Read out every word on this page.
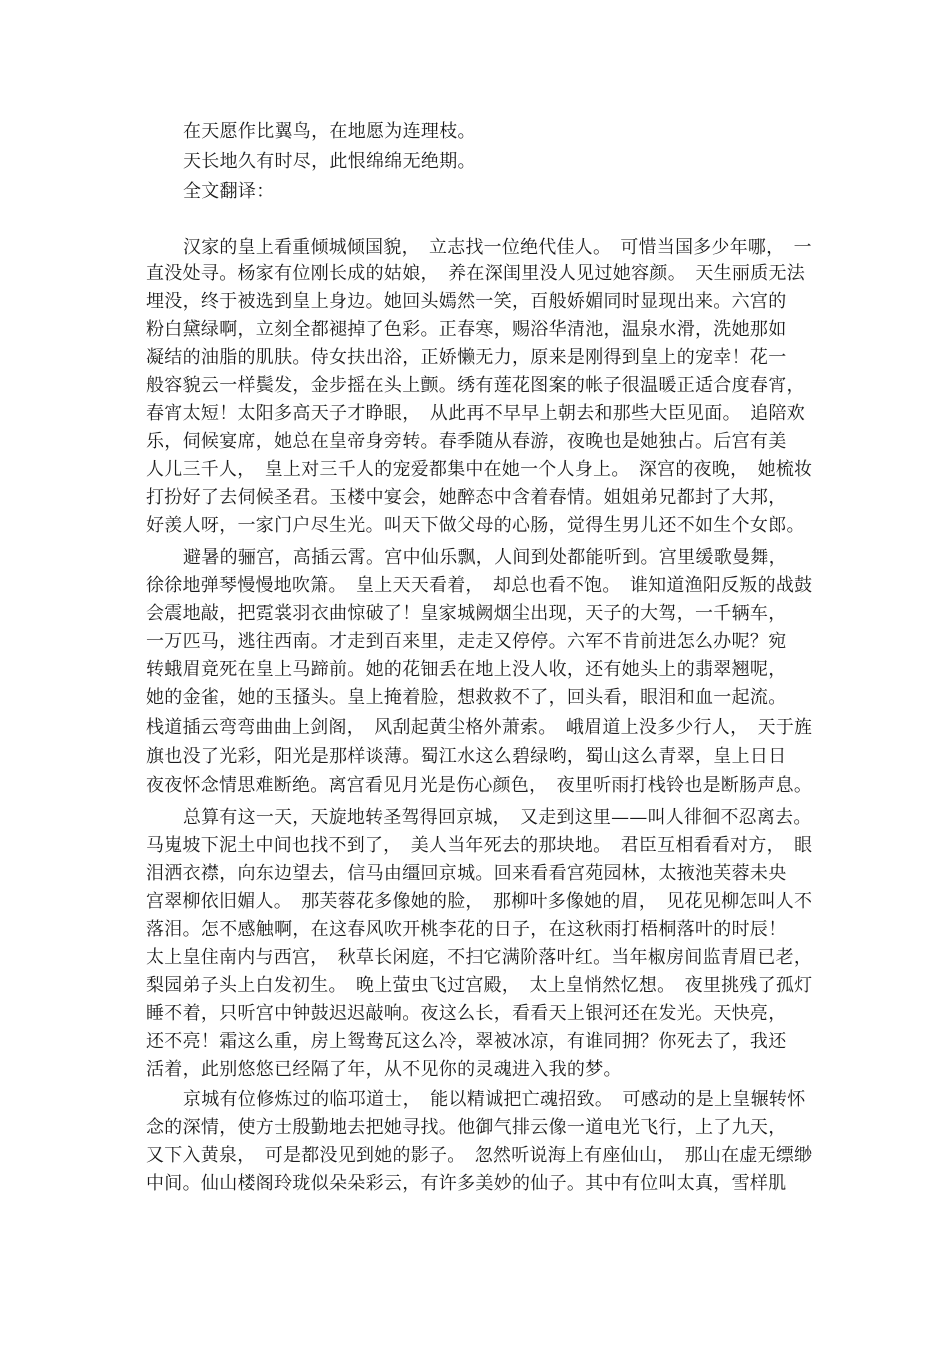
在天愿作比翼鸟，在地愿为连理枝。
天长地久有时尽，此恨绵绵无绝期。
全文翻译：
汉家的皇上看重倾城倾国貌，　立志找一位绝代佳人。　可惜当国多少年哪，　一
直没处寻。杨家有位刚长成的姑娘，　养在深闺里没人见过她容颜。　天生丽质无法
埋没，终于被选到皇上身边。她回头嫣然一笑，百般娇媚同时显现出来。六宫的
粉白黛绿啊，立刻全都褪掉了色彩。正春寒，赐浴华清池，温泉水滑，洗她那如
凝结的油脂的肌肤。侍女扶出浴，正娇懒无力，原来是刚得到皇上的宠幸！花一
般容貌云一样鬓发，金步摇在头上颤。绣有莲花图案的帐子很温暖正适合度春宵，
春宵太短！太阳多高天子才睁眼，　从此再不早早上朝去和那些大臣见面。　追陪欢
乐，伺候宴席，她总在皇帝身旁转。春季随从春游，夜晚也是她独占。后宫有美
人儿三千人，　皇上对三千人的宠爱都集中在她一个人身上。　深宫的夜晚，　她梳妆
打扮好了去伺候圣君。玉楼中宴会，她醉态中含着春情。姐姐弟兄都封了大邦，
好羡人呀，一家门户尽生光。叫天下做父母的心肠，觉得生男儿还不如生个女郎。
避暑的骊宫，高插云霄。宫中仙乐飘，人间到处都能听到。宫里缓歌曼舞，
徐徐地弹琴慢慢地吹箫。　皇上天天看着，　却总也看不饱。　谁知道渔阳反叛的战鼓
会震地敲，把霓裳羽衣曲惊破了！皇家城阙烟尘出现，天子的大驾，一千辆车，
一万匹马，逃往西南。才走到百来里，走走又停停。六军不肯前进怎么办呢？宛
转蛾眉竟死在皇上马蹄前。她的花钿丢在地上没人收，还有她头上的翡翠翘呢，
她的金雀，她的玉搔头。皇上掩着脸，想救救不了，回头看，眼泪和血一起流。
栈道插云弯弯曲曲上剑阁，　风刮起黄尘格外萧索。　峨眉道上没多少行人，　天于旌
旗也没了光彩，阳光是那样谈薄。蜀江水这么碧绿哟，蜀山这么青翠，皇上日日
夜夜怀念情思难断绝。离宫看见月光是伤心颜色，　夜里听雨打栈铃也是断肠声息。
总算有这一天，天旋地转圣驾得回京城，　又走到这里——叫人徘徊不忍离去。
马嵬坡下泥土中间也找不到了，　美人当年死去的那块地。　君臣互相看看对方，　眼
泪洒衣襟，向东边望去，信马由缰回京城。回来看看宫苑园林，太掖池芙蓉未央
宫翠柳依旧媚人。　那芙蓉花多像她的脸，　那柳叶多像她的眉，　见花见柳怎叫人不
落泪。怎不感触啊，在这春风吹开桃李花的日子，在这秋雨打梧桐落叶的时辰！
太上皇住南内与西宫，　秋草长闲庭，不扫它满阶落叶红。当年椒房间监青眉已老，
梨园弟子头上白发初生。　晚上萤虫飞过宫殿，　太上皇悄然忆想。　夜里挑残了孤灯
睡不着，只听宫中钟鼓迟迟敲响。夜这么长，看看天上银河还在发光。天快亮，
还不亮！霜这么重，房上鸳鸯瓦这么冷，翠被冰凉，有谁同拥？你死去了，我还
活着，此别悠悠已经隔了年，从不见你的灵魂进入我的梦。
京城有位修炼过的临邛道士，　能以精诚把亡魂招致。　可感动的是上皇辗转怀
念的深情，使方士殷勤地去把她寻找。他御气排云像一道电光飞行，上了九天，
又下入黄泉，　可是都没见到她的影子。　忽然听说海上有座仙山，　那山在虚无缥缈
中间。仙山楼阁玲珑似朵朵彩云，有许多美妙的仙子。其中有位叫太真，雪样肌
